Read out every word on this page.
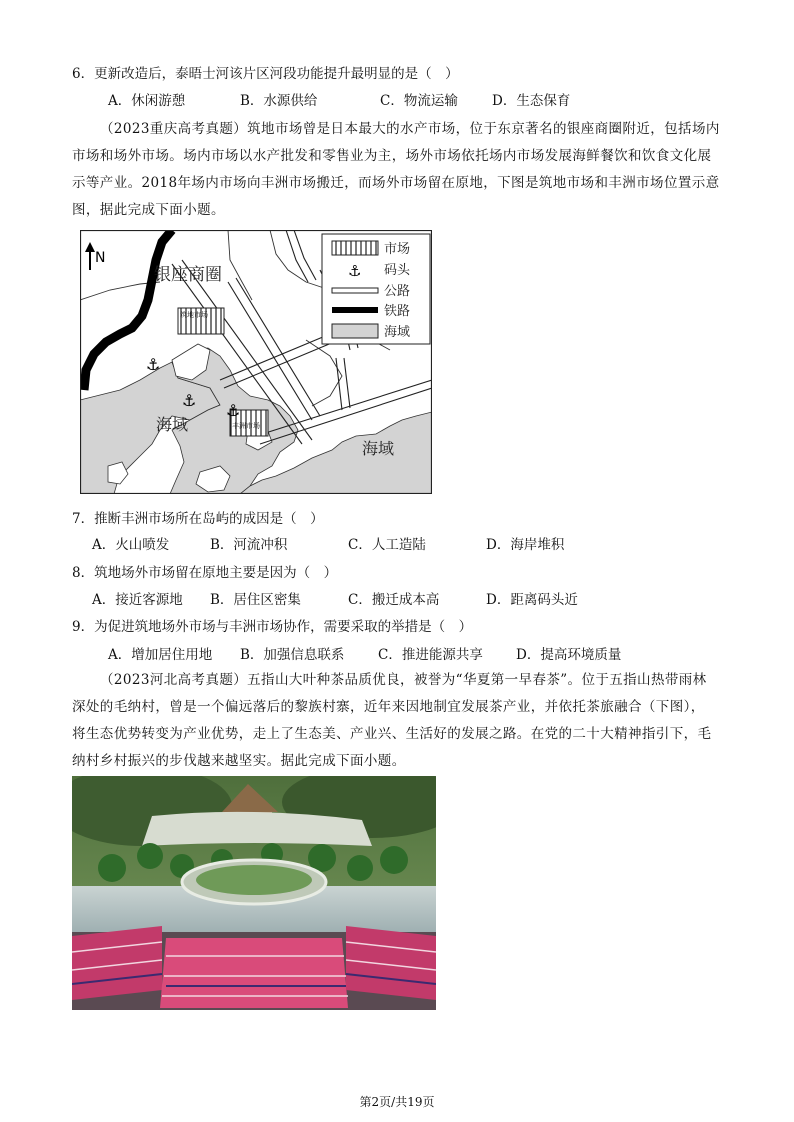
6．更新改造后，泰晤士河该片区河段功能提升最明显的是（　）
A．休闲游憩	B．水源供给	C．物流运输	D．生态保育
（2023重庆高考真题）筑地市场曾是日本最大的水产市场，位于东京著名的银座商圈附近，包括场内
市场和场外市场。场内市场以水产批发和零售业为主，场外市场依托场内市场发展海鲜餐饮和饮食文化展
示等产业。2018年场内市场向丰洲市场搬迁，而场外市场留在原地，下图是筑地市场和丰洲市场位置示意
图，据此完成下面小题。
筑地市场
丰洲市场
⚓
⚓
⚓
银座商圈
海域
海域
N
市场
⚓ 码头
公路
铁路
海域
7．推断丰洲市场所在岛屿的成因是（　）
A．火山喷发	B．河流冲积	C．人工造陆	D．海岸堆积
8．筑地场外市场留在原地主要是因为（　）
A．接近客源地 B．居住区密集	C．搬迁成本高	D．距离码头近
9．为促进筑地场外市场与丰洲市场协作，需要采取的举措是（　）
A．增加居住用地 B．加强信息联系 C．推进能源共享 D．提高环境质量
（2023河北高考真题）五指山大叶种茶品质优良，被誉为“华夏第一早春茶”。位于五指山热带雨林
深处的毛纳村，曾是一个偏远落后的黎族村寨，近年来因地制宜发展茶产业，并依托茶旅融合（下图），
将生态优势转变为产业优势，走上了生态美、产业兴、生活好的发展之路。在党的二十大精神指引下，毛
纳村乡村振兴的步伐越来越坚实。据此完成下面小题。
第2页/共19页
